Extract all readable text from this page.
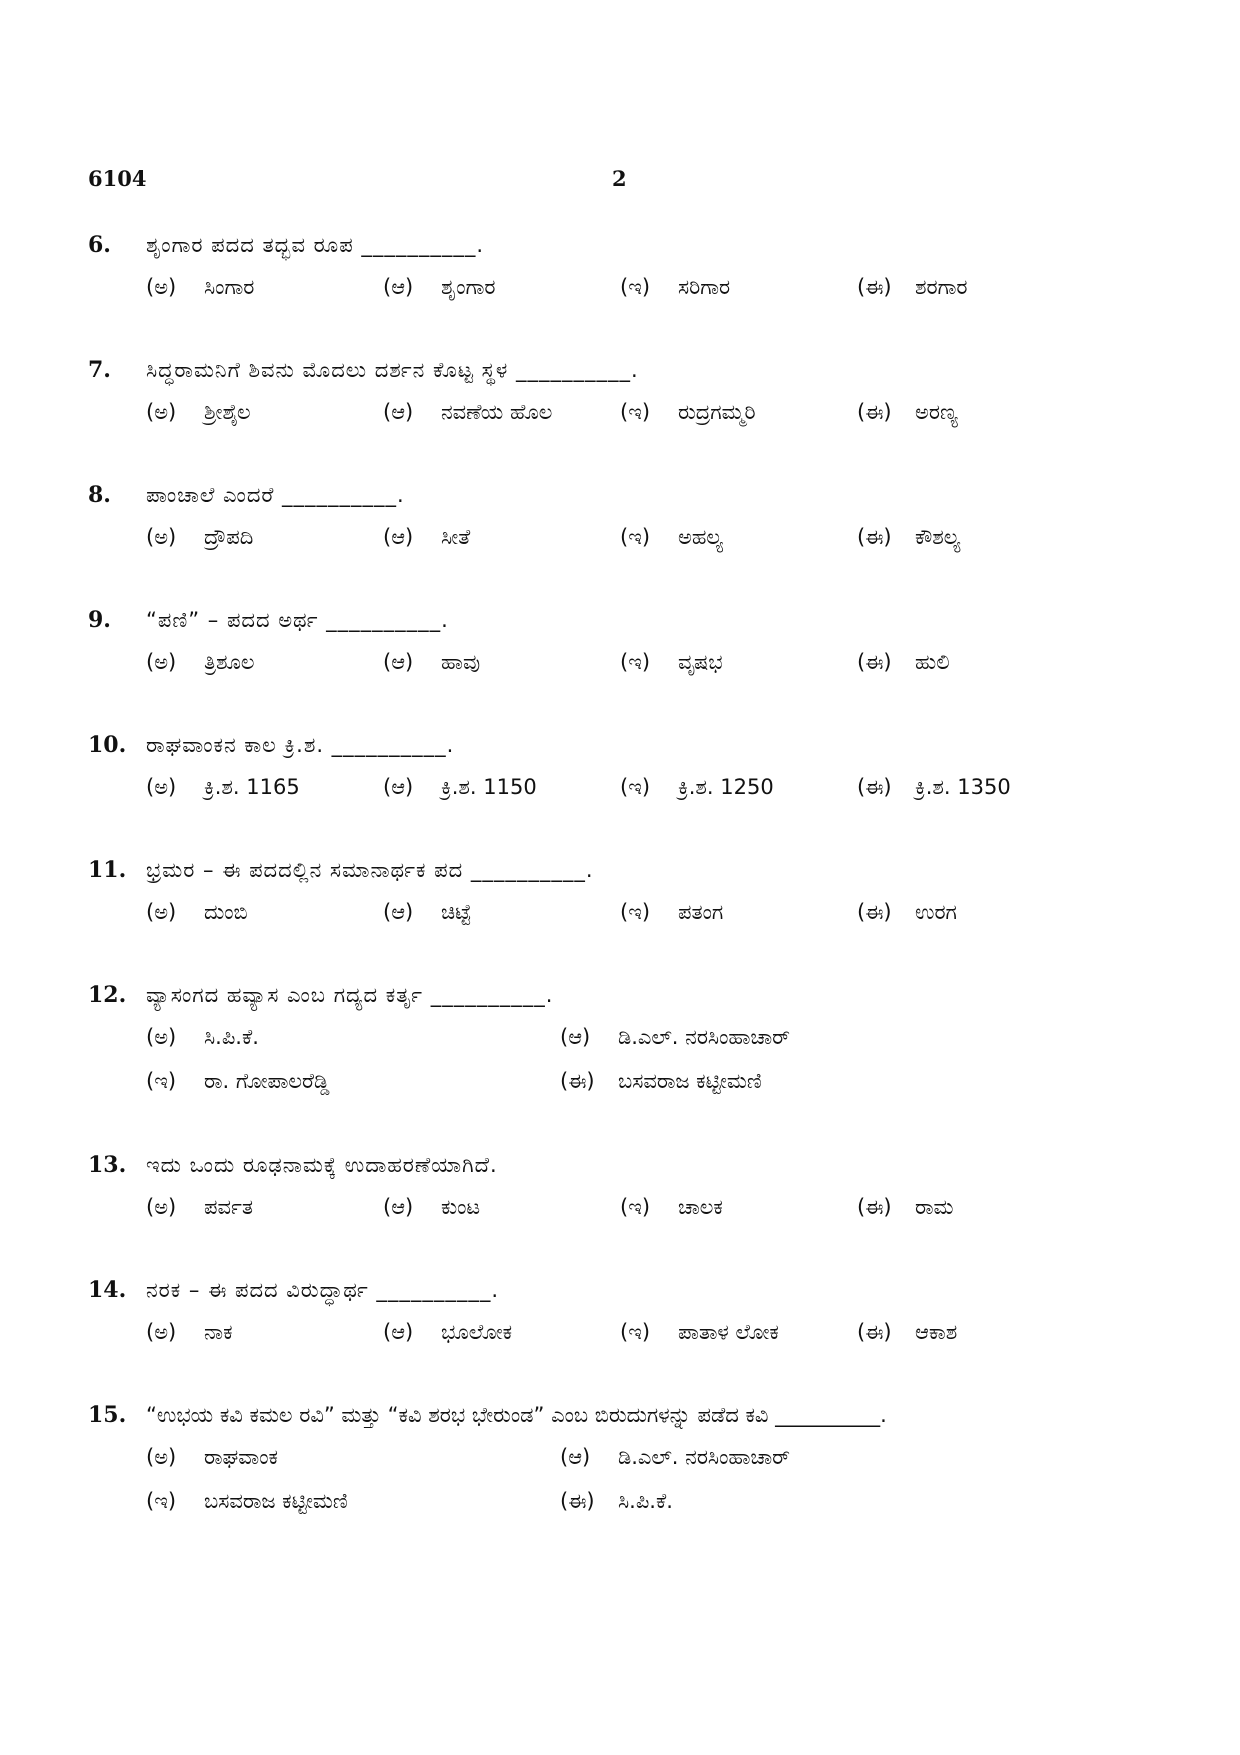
6104	2
6. ಶೃಂಗಾರ ಪದದ ತದ್ಭವ ರೂಪ __________.
(ಅ) ಸಿಂಗಾರ	(ಆ) ಶೃಂಗಾರ	(ಇ) ಸರಿಗಾರ	(ಈ) ಶರಗಾರ
7. ಸಿದ್ಧರಾಮನಿಗೆ ಶಿವನು ಮೊದಲು ದರ್ಶನ ಕೊಟ್ಟ ಸ್ಥಳ __________.
(ಅ) ಶ್ರೀಶೈಲ	(ಆ) ನವಣೆಯ ಹೊಲ	(ಇ) ರುದ್ರಗಮ್ಮರಿ	(ಈ) ಅರಣ್ಯ
8. ಪಾಂಚಾಲೆ ಎಂದರೆ __________.
(ಅ) ದ್ರೌಪದಿ	(ಆ) ಸೀತೆ	(ಇ) ಅಹಲ್ಯ	(ಈ) ಕೌಶಲ್ಯ
9. “ಪಣಿ” – ಪದದ ಅರ್ಥ __________.
(ಅ) ತ್ರಿಶೂಲ	(ಆ) ಹಾವು	(ಇ) ವೃಷಭ	(ಈ) ಹುಲಿ
10. ರಾಘವಾಂಕನ ಕಾಲ ಕ್ರಿ.ಶ. __________.
(ಅ) ಕ್ರಿ.ಶ. 1165	(ಆ) ಕ್ರಿ.ಶ. 1150	(ಇ) ಕ್ರಿ.ಶ. 1250	(ಈ) ಕ್ರಿ.ಶ. 1350
11. ಭ್ರಮರ – ಈ ಪದದಲ್ಲಿನ ಸಮಾನಾರ್ಥಕ ಪದ __________.
(ಅ) ದುಂಬಿ	(ಆ) ಚಿಟ್ಟೆ	(ಇ) ಪತಂಗ	(ಈ) ಉರಗ
12. ವ್ಯಾಸಂಗದ ಹವ್ಯಾಸ ಎಂಬ ಗದ್ಯದ ಕರ್ತೃ __________.
(ಅ) ಸಿ.ಪಿ.ಕೆ.	(ಆ) ಡಿ.ಎಲ್. ನರಸಿಂಹಾಚಾರ್
(ಇ) ರಾ. ಗೋಪಾಲರೆಡ್ಡಿ	(ಈ) ಬಸವರಾಜ ಕಟ್ಟೀಮಣಿ
13. ಇದು ಒಂದು ರೂಢನಾಮಕ್ಕೆ ಉದಾಹರಣೆಯಾಗಿದೆ.
(ಅ) ಪರ್ವತ	(ಆ) ಕುಂಟ	(ಇ) ಚಾಲಕ	(ಈ) ರಾಮ
14. ನರಕ – ಈ ಪದದ ವಿರುದ್ಧಾರ್ಥ __________.
(ಅ) ನಾಕ	(ಆ) ಭೂಲೋಕ	(ಇ) ಪಾತಾಳ ಲೋಕ	(ಈ) ಆಕಾಶ
15. “ಉಭಯ ಕವಿ ಕಮಲ ರವಿ” ಮತ್ತು “ಕವಿ ಶರಭ ಭೇರುಂಡ” ಎಂಬ ಬಿರುದುಗಳನ್ನು ಪಡೆದ ಕವಿ __________.
(ಅ) ರಾಘವಾಂಕ	(ಆ) ಡಿ.ಎಲ್. ನರಸಿಂಹಾಚಾರ್
(ಇ) ಬಸವರಾಜ ಕಟ್ಟೀಮಣಿ	(ಈ) ಸಿ.ಪಿ.ಕೆ.
